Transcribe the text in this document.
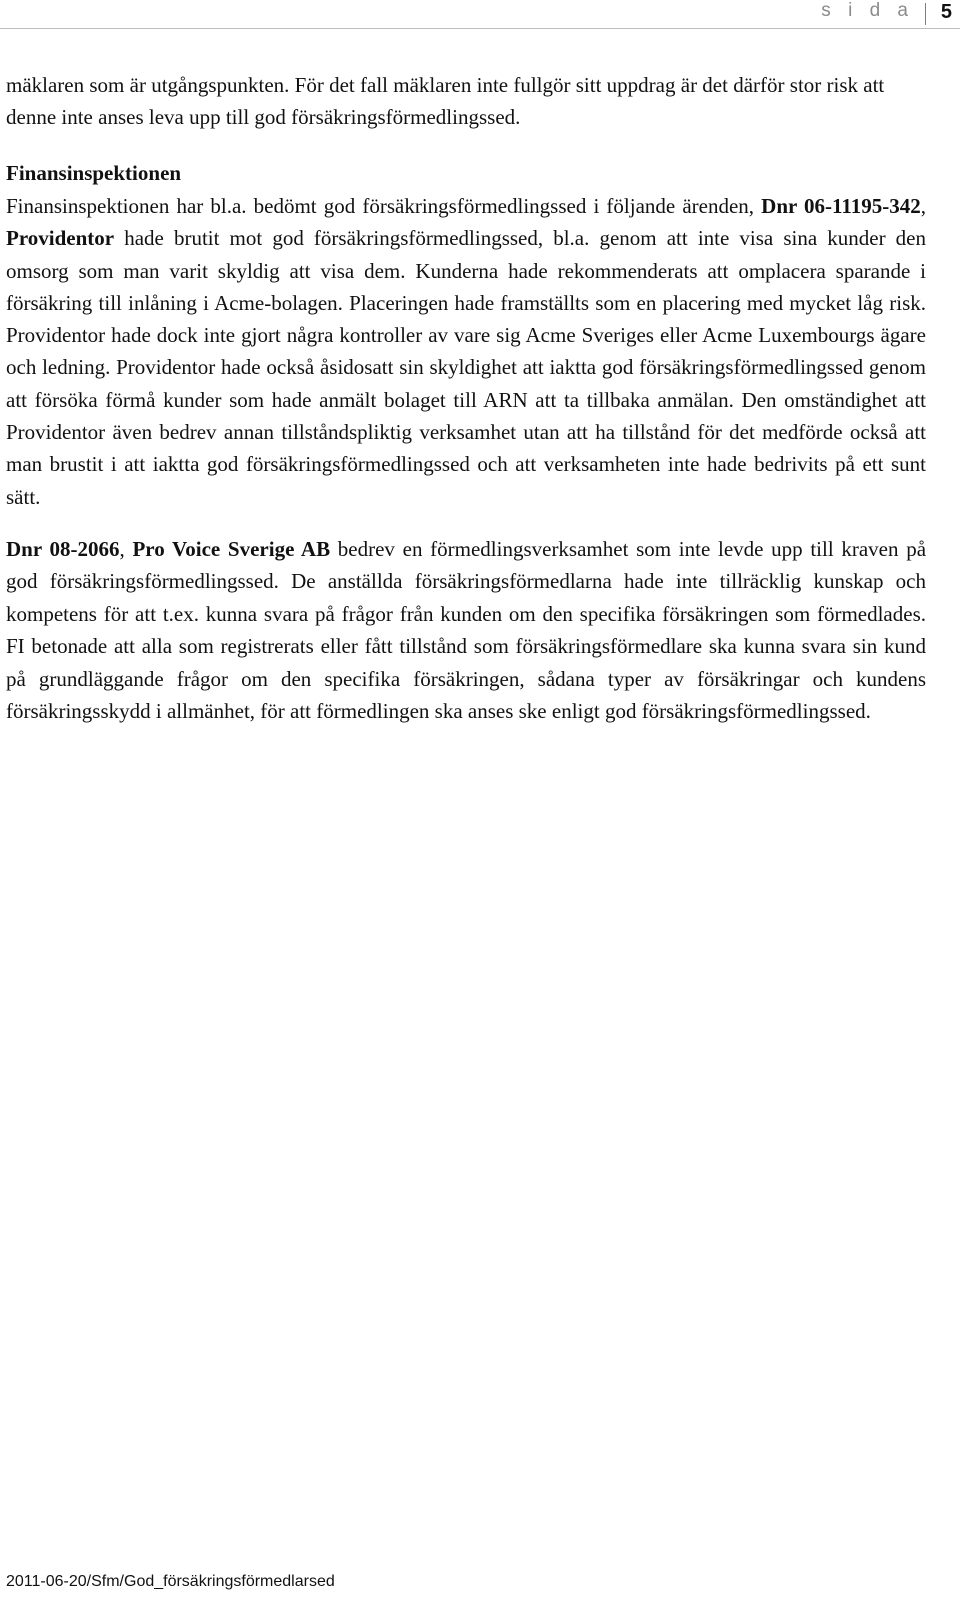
s i d a 5

mäklaren som är utgångspunkten. För det fall mäklaren inte fullgör sitt uppdrag är det därför stor risk att denne inte anses leva upp till god försäkringsförmedlingssed.

Finansinspektionen

Finansinspektionen har bl.a. bedömt god försäkringsförmedlingssed i följande ärenden, Dnr 06-11195-342, Providentor hade brutit mot god försäkringsförmedlingssed, bl.a. genom att inte visa sina kunder den omsorg som man varit skyldig att visa dem. Kunderna hade rekommenderats att omplacera sparande i försäkring till inlåning i Acme-bolagen. Placeringen hade framställts som en placering med mycket låg risk. Providentor hade dock inte gjort några kontroller av vare sig Acme Sveriges eller Acme Luxembourgs ägare och ledning. Providentor hade också åsidosatt sin skyldighet att iaktta god försäkringsförmedlingssed genom att försöka förmå kunder som hade anmält bolaget till ARN att ta tillbaka anmälan. Den omständighet att Providentor även bedrev annan tillståndspliktig verksamhet utan att ha tillstånd för det medförde också att man brustit i att iaktta god försäkringsförmedlingssed och att verksamheten inte hade bedrivits på ett sunt sätt.

Dnr 08-2066, Pro Voice Sverige AB bedrev en förmedlingsverksamhet som inte levde upp till kraven på god försäkringsförmedlingssed. De anställda försäkringsförmedlarna hade inte tillräcklig kunskap och kompetens för att t.ex. kunna svara på frågor från kunden om den specifika försäkringen som förmedlades. FI betonade att alla som registrerats eller fått tillstånd som försäkringsförmedlare ska kunna svara sin kund på grundläggande frågor om den specifika försäkringen, sådana typer av försäkringar och kundens försäkringsskydd i allmänhet, för att förmedlingen ska anses ske enligt god försäkringsförmedlingssed.

2011-06-20/Sfm/God_försäkringsförmedlarsed
